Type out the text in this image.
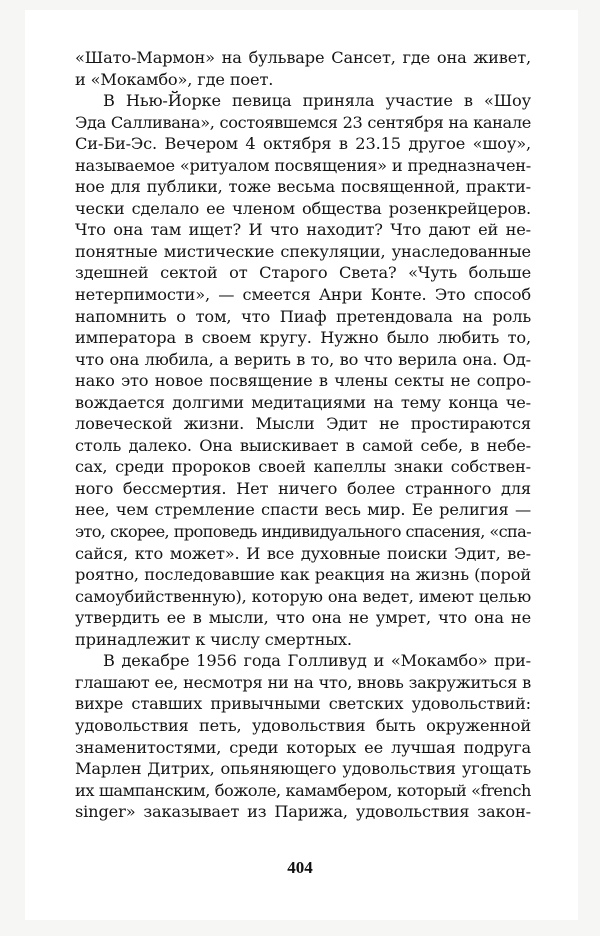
«Шато-Мармон» на бульваре Сансет, где она живет,
и «Мокамбо», где поет.
В Нью-Йорке певица приняла участие в «Шоу
Эда Салливана», состоявшемся 23 сентября на канале
Си-Би-Эс. Вечером 4 октября в 23.15 другое «шоу»,
называемое «ритуалом посвящения» и предназначен-
ное для публики, тоже весьма посвященной, практи-
чески сделало ее членом общества розенкрейцеров.
Что она там ищет? И что находит? Что дают ей не-
понятные мистические спекуляции, унаследованные
здешней сектой от Старого Света? «Чуть больше
нетерпимости», — смеется Анри Конте. Это способ
напомнить о том, что Пиаф претендовала на роль
императора в своем кругу. Нужно было любить то,
что она любила, а верить в то, во что верила она. Од-
нако это новое посвящение в члены секты не сопро-
вождается долгими медитациями на тему конца че-
ловеческой жизни. Мысли Эдит не простираются
столь далеко. Она выискивает в самой себе, в небе-
сах, среди пророков своей капеллы знаки собствен-
ного бессмертия. Нет ничего более странного для
нее, чем стремление спасти весь мир. Ее религия —
это, скорее, проповедь индивидуального спасения, «спа-
сайся, кто может». И все духовные поиски Эдит, ве-
роятно, последовавшие как реакция на жизнь (порой
самоубийственную), которую она ведет, имеют целью
утвердить ее в мысли, что она не умрет, что она не
принадлежит к числу смертных.
В декабре 1956 года Голливуд и «Мокамбо» при-
глашают ее, несмотря ни на что, вновь закружиться в
вихре ставших привычными светских удовольствий:
удовольствия петь, удовольствия быть окруженной
знаменитостями, среди которых ее лучшая подруга
Марлен Дитрих, опьяняющего удовольствия угощать
их шампанским, божоле, камамбером, который «french
singer» заказывает из Парижа, удовольствия закон-
404
